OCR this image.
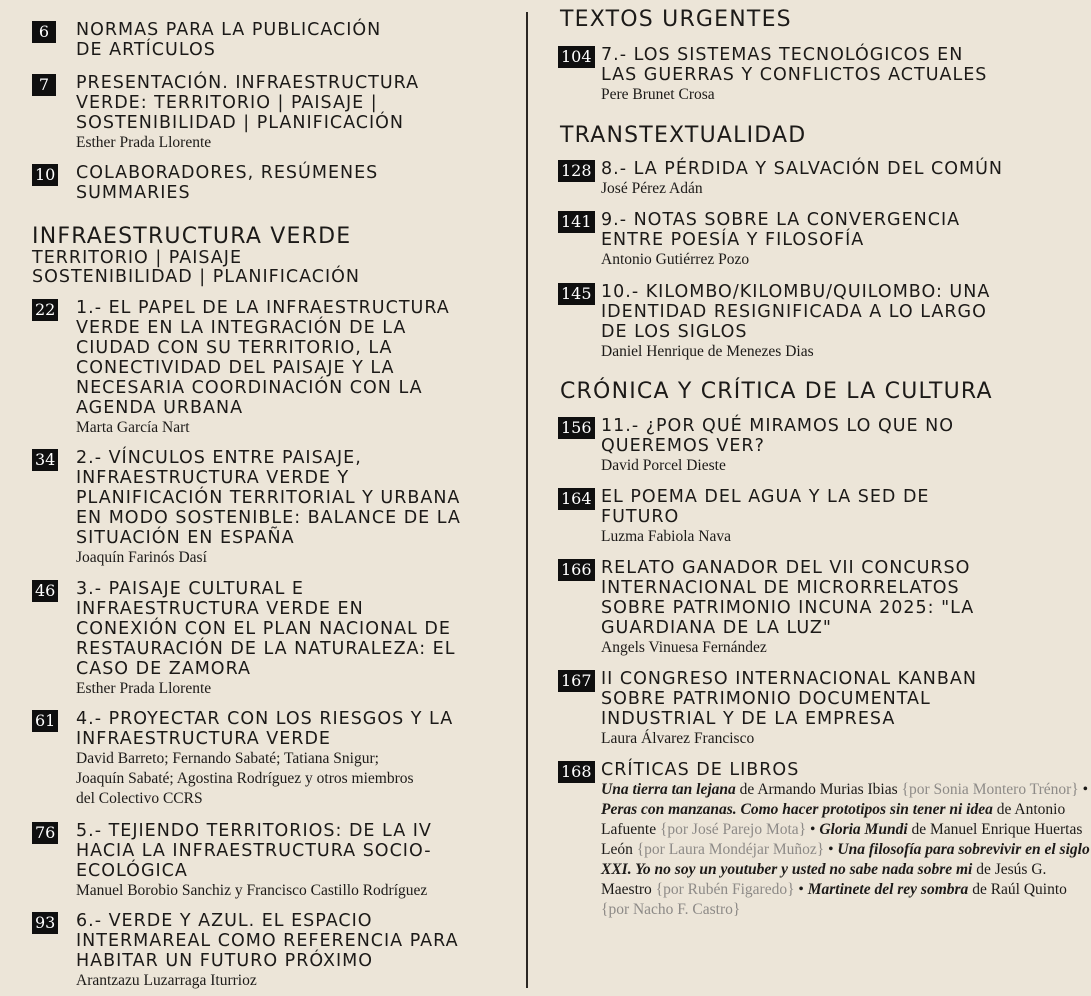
6	NORMAS PARA LA PUBLICACIÓN
DE ARTÍCULOS

7	PRESENTACIÓN. INFRAESTRUCTURA
VERDE: TERRITORIO | PAISAJE |
SOSTENIBILIDAD | PLANIFICACIÓN

Esther Prada Llorente

10 COLABORADORES, RESÚMENES
SUMMARIES

INFRAESTRUCTURA VERDE

TERRITORIO | PAISAJE

SOSTENIBILIDAD | PLANIFICACIÓN

22 1.- EL PAPEL DE LA INFRAESTRUCTURA
VERDE EN LA INTEGRACIÓN DE LA
CIUDAD CON SU TERRITORIO, LA
CONECTIVIDAD DEL PAISAJE Y LA
NECESARIA COORDINACIÓN CON LA
AGENDA URBANA

Marta García Nart

34 2.- VÍNCULOS ENTRE PAISAJE,
INFRAESTRUCTURA VERDE Y
PLANIFICACIÓN TERRITORIAL Y URBANA
EN MODO SOSTENIBLE: BALANCE DE LA
SITUACIÓN EN ESPAÑA

Joaquín Farinós Dasí

46 3.- PAISAJE CULTURAL E
INFRAESTRUCTURA VERDE EN
CONEXIÓN CON EL PLAN NACIONAL DE
RESTAURACIÓN DE LA NATURALEZA: EL
CASO DE ZAMORA

Esther Prada Llorente

61 4.- PROYECTAR CON LOS RIESGOS Y LA
INFRAESTRUCTURA VERDE

David Barreto; Fernando Sabaté; Tatiana Snigur;
Joaquín Sabaté; Agostina Rodríguez y otros miembros
del Colectivo CCRS

76 5.- TEJIENDO TERRITORIOS: DE LA IV
HACIA LA INFRAESTRUCTURA SOCIO-
ECOLÓGICA

Manuel Borobio Sanchiz y Francisco Castillo Rodríguez

93 6.- VERDE Y AZUL. EL ESPACIO
INTERMAREAL COMO REFERENCIA PARA
HABITAR UN FUTURO PRÓXIMO

Arantzazu Luzarraga Iturrioz

TEXTOS URGENTES

104 7.- LOS SISTEMAS TECNOLÓGICOS EN
LAS GUERRAS Y CONFLICTOS ACTUALES

Pere Brunet Crosa

TRANSTEXTUALIDAD

128 8.- LA PÉRDIDA Y SALVACIÓN DEL COMÚN

José Pérez Adán

141 9.- NOTAS SOBRE LA CONVERGENCIA
ENTRE POESÍA Y FILOSOFÍA

Antonio Gutiérrez Pozo

145 10.- KILOMBO/KILOMBU/QUILOMBO: UNA
IDENTIDAD RESIGNIFICADA A LO LARGO
DE LOS SIGLOS

Daniel Henrique de Menezes Dias

CRÓNICA Y CRÍTICA DE LA CULTURA

156 11.- ¿POR QUÉ MIRAMOS LO QUE NO
QUEREMOS VER?

David Porcel Dieste

164 EL POEMA DEL AGUA Y LA SED DE
FUTURO

Luzma Fabiola Nava

166 RELATO GANADOR DEL VII CONCURSO
INTERNACIONAL DE MICRORRELATOS
SOBRE PATRIMONIO INCUNA 2025: "LA
GUARDIANA DE LA LUZ"

Angels Vinuesa Fernández

167 II CONGRESO INTERNACIONAL KANBAN
SOBRE PATRIMONIO DOCUMENTAL
INDUSTRIAL Y DE LA EMPRESA

Laura Álvarez Francisco

168 CRÍTICAS DE LIBROS

Una tierra tan lejana de Armando Murias Ibias {por Sonia Montero Trénor} • Peras con manzanas. Como hacer prototipos sin tener ni idea de Antonio Lafuente {por José Parejo Mota} • Gloria Mundi de Manuel Enrique Huertas León {por Laura Mondéjar Muñoz} • Una filosofía para sobrevivir en el siglo XXI. Yo no soy un youtuber y usted no sabe nada sobre mi de Jesús G. Maestro {por Rubén Figaredo} • Martinete del rey sombra de Raúl Quinto {por Nacho F. Castro}
